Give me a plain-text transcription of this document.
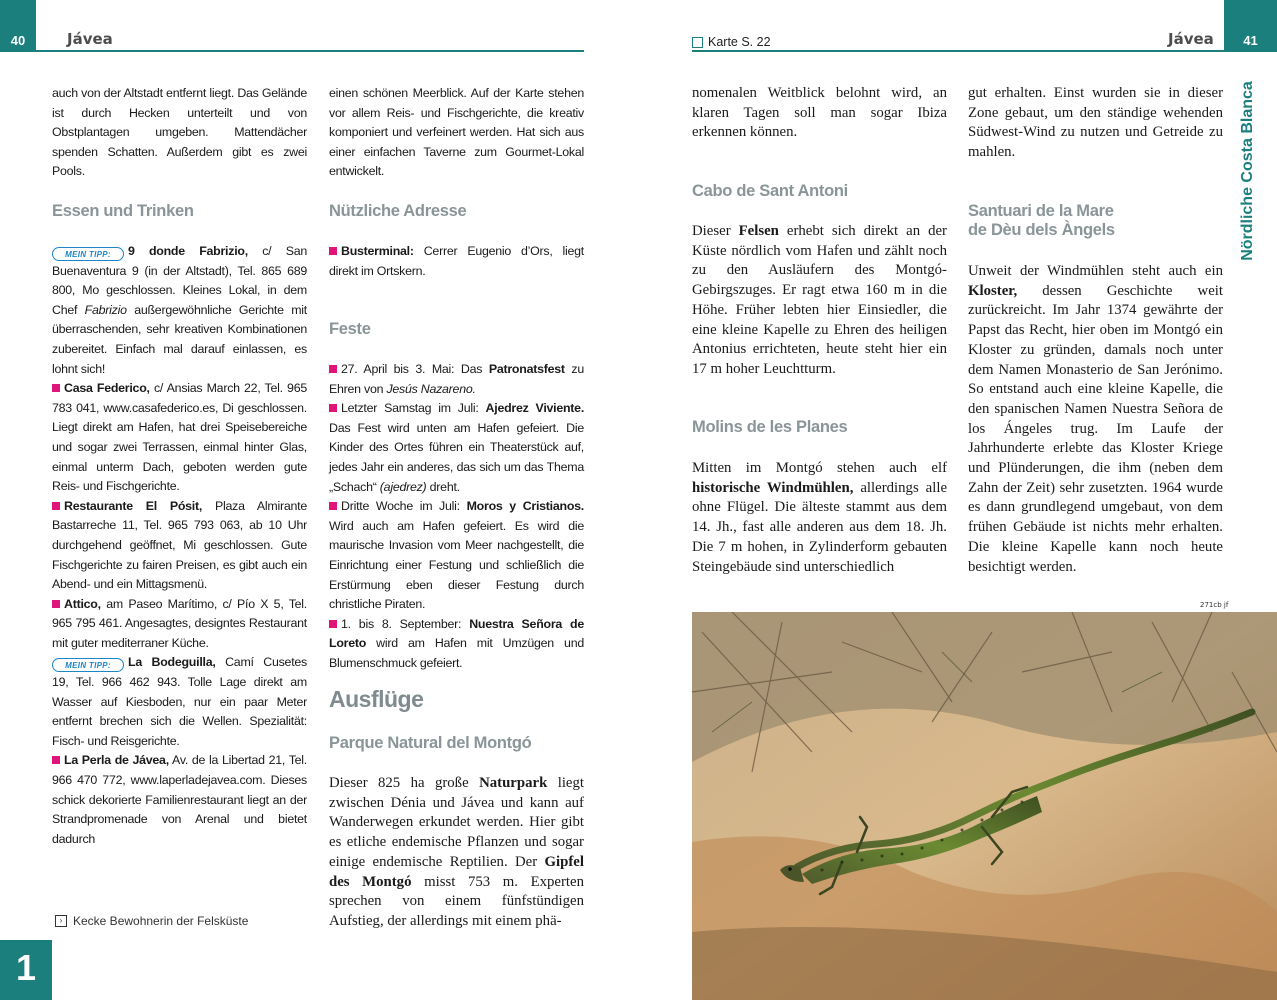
40	Jávea

auch von der Altstadt entfernt liegt. Das Gelände ist durch Hecken unterteilt und von Obstplantagen umgeben. Mattendächer spenden Schatten. Außerdem gibt es zwei Pools.

Essen und Trinken

MEIN TIPP: 9 donde Fabrizio, c/ San Buenaventura 9 (in der Altstadt), Tel. 865 689 800, Mo geschlossen. Kleines Lokal, in dem Chef Fabrizio außergewöhnliche Gerichte mit überraschenden, sehr kreativen Kombinationen zubereitet. Einfach mal darauf einlassen, es lohnt sich!

Casa Federico, c/ Ansias March 22, Tel. 965 783 041, www.casafederico.es, Di geschlossen. Liegt direkt am Hafen, hat drei Speisebereiche und sogar zwei Terrassen, einmal hinter Glas, einmal unterm Dach, geboten werden gute Reis- und Fischgerichte.

Restaurante El Pósit, Plaza Almirante Bastarreche 11, Tel. 965 793 063, ab 10 Uhr durchgehend geöffnet, Mi geschlossen. Gute Fischgerichte zu fairen Preisen, es gibt auch ein Abend- und ein Mittagsmenü.

Attico, am Paseo Marítimo, c/ Pío X 5, Tel. 965 795 461. Angesagtes, designtes Restaurant mit guter mediterraner Küche.

MEIN TIPP: La Bodeguilla, Camí Cusetes 19, Tel. 966 462 943. Tolle Lage direkt am Wasser auf Kiesboden, nur ein paar Meter entfernt brechen sich die Wellen. Spezialität: Fisch- und Reisgerichte.

La Perla de Jávea, Av. de la Libertad 21, Tel. 966 470 772, www.laperladejavea.com. Dieses schick dekorierte Familienrestaurant liegt an der Strandpromenade von Arenal und bietet dadurch

› Kecke Bewohnerin der Felsküste
1

einen schönen Meerblick. Auf der Karte stehen vor allem Reis- und Fischgerichte, die kreativ komponiert und verfeinert werden. Hat sich aus einer einfachen Taverne zum Gourmet-Lokal entwickelt.

Nützliche Adresse

Busterminal: Cerrer Eugenio d’Ors, liegt direkt im Ortskern.

Feste

27. April bis 3. Mai: Das Patronatsfest zu Ehren von Jesús Nazareno.

Letzter Samstag im Juli: Ajedrez Viviente. Das Fest wird unten am Hafen gefeiert. Die Kinder des Ortes führen ein Theaterstück auf, jedes Jahr ein anderes, das sich um das Thema „Schach“ (ajedrez) dreht.

Dritte Woche im Juli: Moros y Cristianos. Wird auch am Hafen gefeiert. Es wird die maurische Invasion vom Meer nachgestellt, die Einrichtung einer Festung und schließlich die Erstürmung eben dieser Festung durch christliche Piraten.

1. bis 8. September: Nuestra Señora de Loreto wird am Hafen mit Umzügen und Blumenschmuck gefeiert.

Ausflüge
Parque Natural del Montgó

Dieser 825 ha große Naturpark liegt zwischen Dénia und Jávea und kann auf Wanderwegen erkundet werden. Hier gibt es etliche endemische Pflanzen und sogar einige endemische Reptilien. Der Gipfel des Montgó misst 753 m. Experten sprechen von einem fünfstündigen Aufstieg, der allerdings mit einem phä-

Karte S. 22	Jávea	41
Nördliche Costa Blanca

nomenalen Weitblick belohnt wird, an klaren Tagen soll man sogar Ibiza erkennen können.

Cabo de Sant Antoni

Dieser Felsen erhebt sich direkt an der Küste nördlich vom Hafen und zählt noch zu den Ausläufern des Montgó-Gebirgszuges. Er ragt etwa 160 m in die Höhe. Früher lebten hier Einsiedler, die eine kleine Kapelle zu Ehren des heiligen Antonius errichteten, heute steht hier ein 17 m hoher Leuchtturm.

Molins de les Planes

Mitten im Montgó stehen auch elf historische Windmühlen, allerdings alle ohne Flügel. Die älteste stammt aus dem 14. Jh., fast alle anderen aus dem 18. Jh. Die 7 m hohen, in Zylinderform gebauten Steingebäude sind unterschiedlich

gut erhalten. Einst wurden sie in dieser Zone gebaut, um den ständige wehenden Südwest-Wind zu nutzen und Getreide zu mahlen.

Santuari de la Mare
de Dèu dels Àngels

Unweit der Windmühlen steht auch ein Kloster, dessen Geschichte weit zurückreicht. Im Jahr 1374 gewährte der Papst das Recht, hier oben im Montgó ein Kloster zu gründen, damals noch unter dem Namen Monasterio de San Jerónimo. So entstand auch eine kleine Kapelle, die den spanischen Namen Nuestra Señora de los Ángeles trug. Im Laufe der Jahrhunderte erlebte das Kloster Kriege und Plünderungen, die ihm (neben dem Zahn der Zeit) sehr zusetzten. 1964 wurde es dann grundlegend umgebaut, von dem frühen Gebäude ist nichts mehr erhalten. Die kleine Kapelle kann noch heute besichtigt werden.

271cb jf
